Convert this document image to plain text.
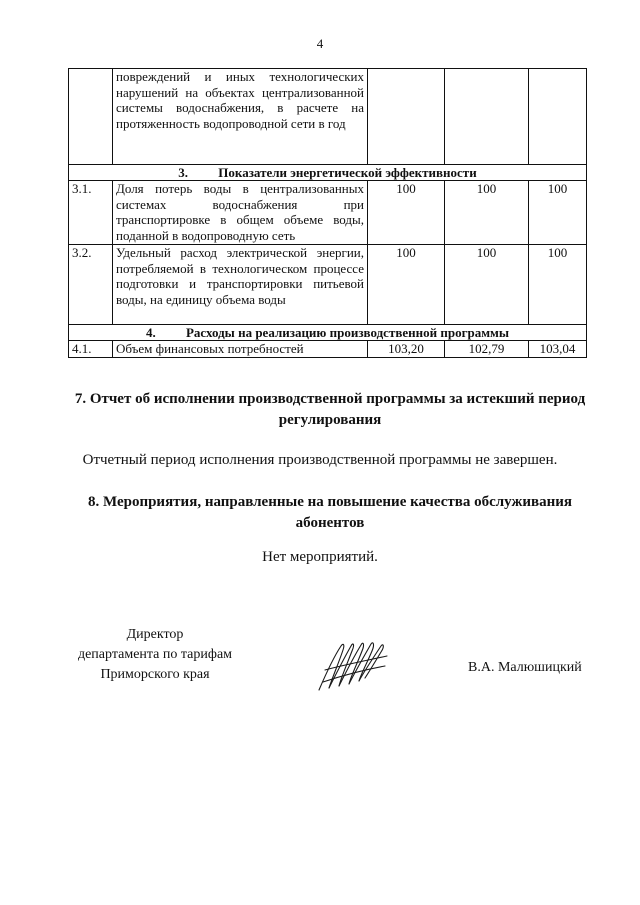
4
	повреждений и иных технологических нарушений на объектах централизованной системы водоснабжения, в расчете на протяженность водопроводной сети в год			
3. Показатели энергетической эффективности				
3.1.	Доля потерь воды в централизованных системах водоснабжения при транспортировке в общем объеме воды, поданной в водопроводную сеть	100	100	100
3.2.	Удельный расход электрической энергии, потребляемой в технологическом процессе подготовки и транспортировки питьевой воды, на единицу объема воды	100	100	100
4. Расходы на реализацию производственной программы				
4.1.	Объем финансовых потребностей	103,20	102,79	103,04
7. Отчет об исполнении производственной программы за истекший период регулирования
Отчетный период исполнения производственной программы не завершен.
8. Мероприятия, направленные на повышение качества обслуживания абонентов
Нет мероприятий.
Директор
департамента по тарифам
Приморского края	В.А. Малюшицкий
